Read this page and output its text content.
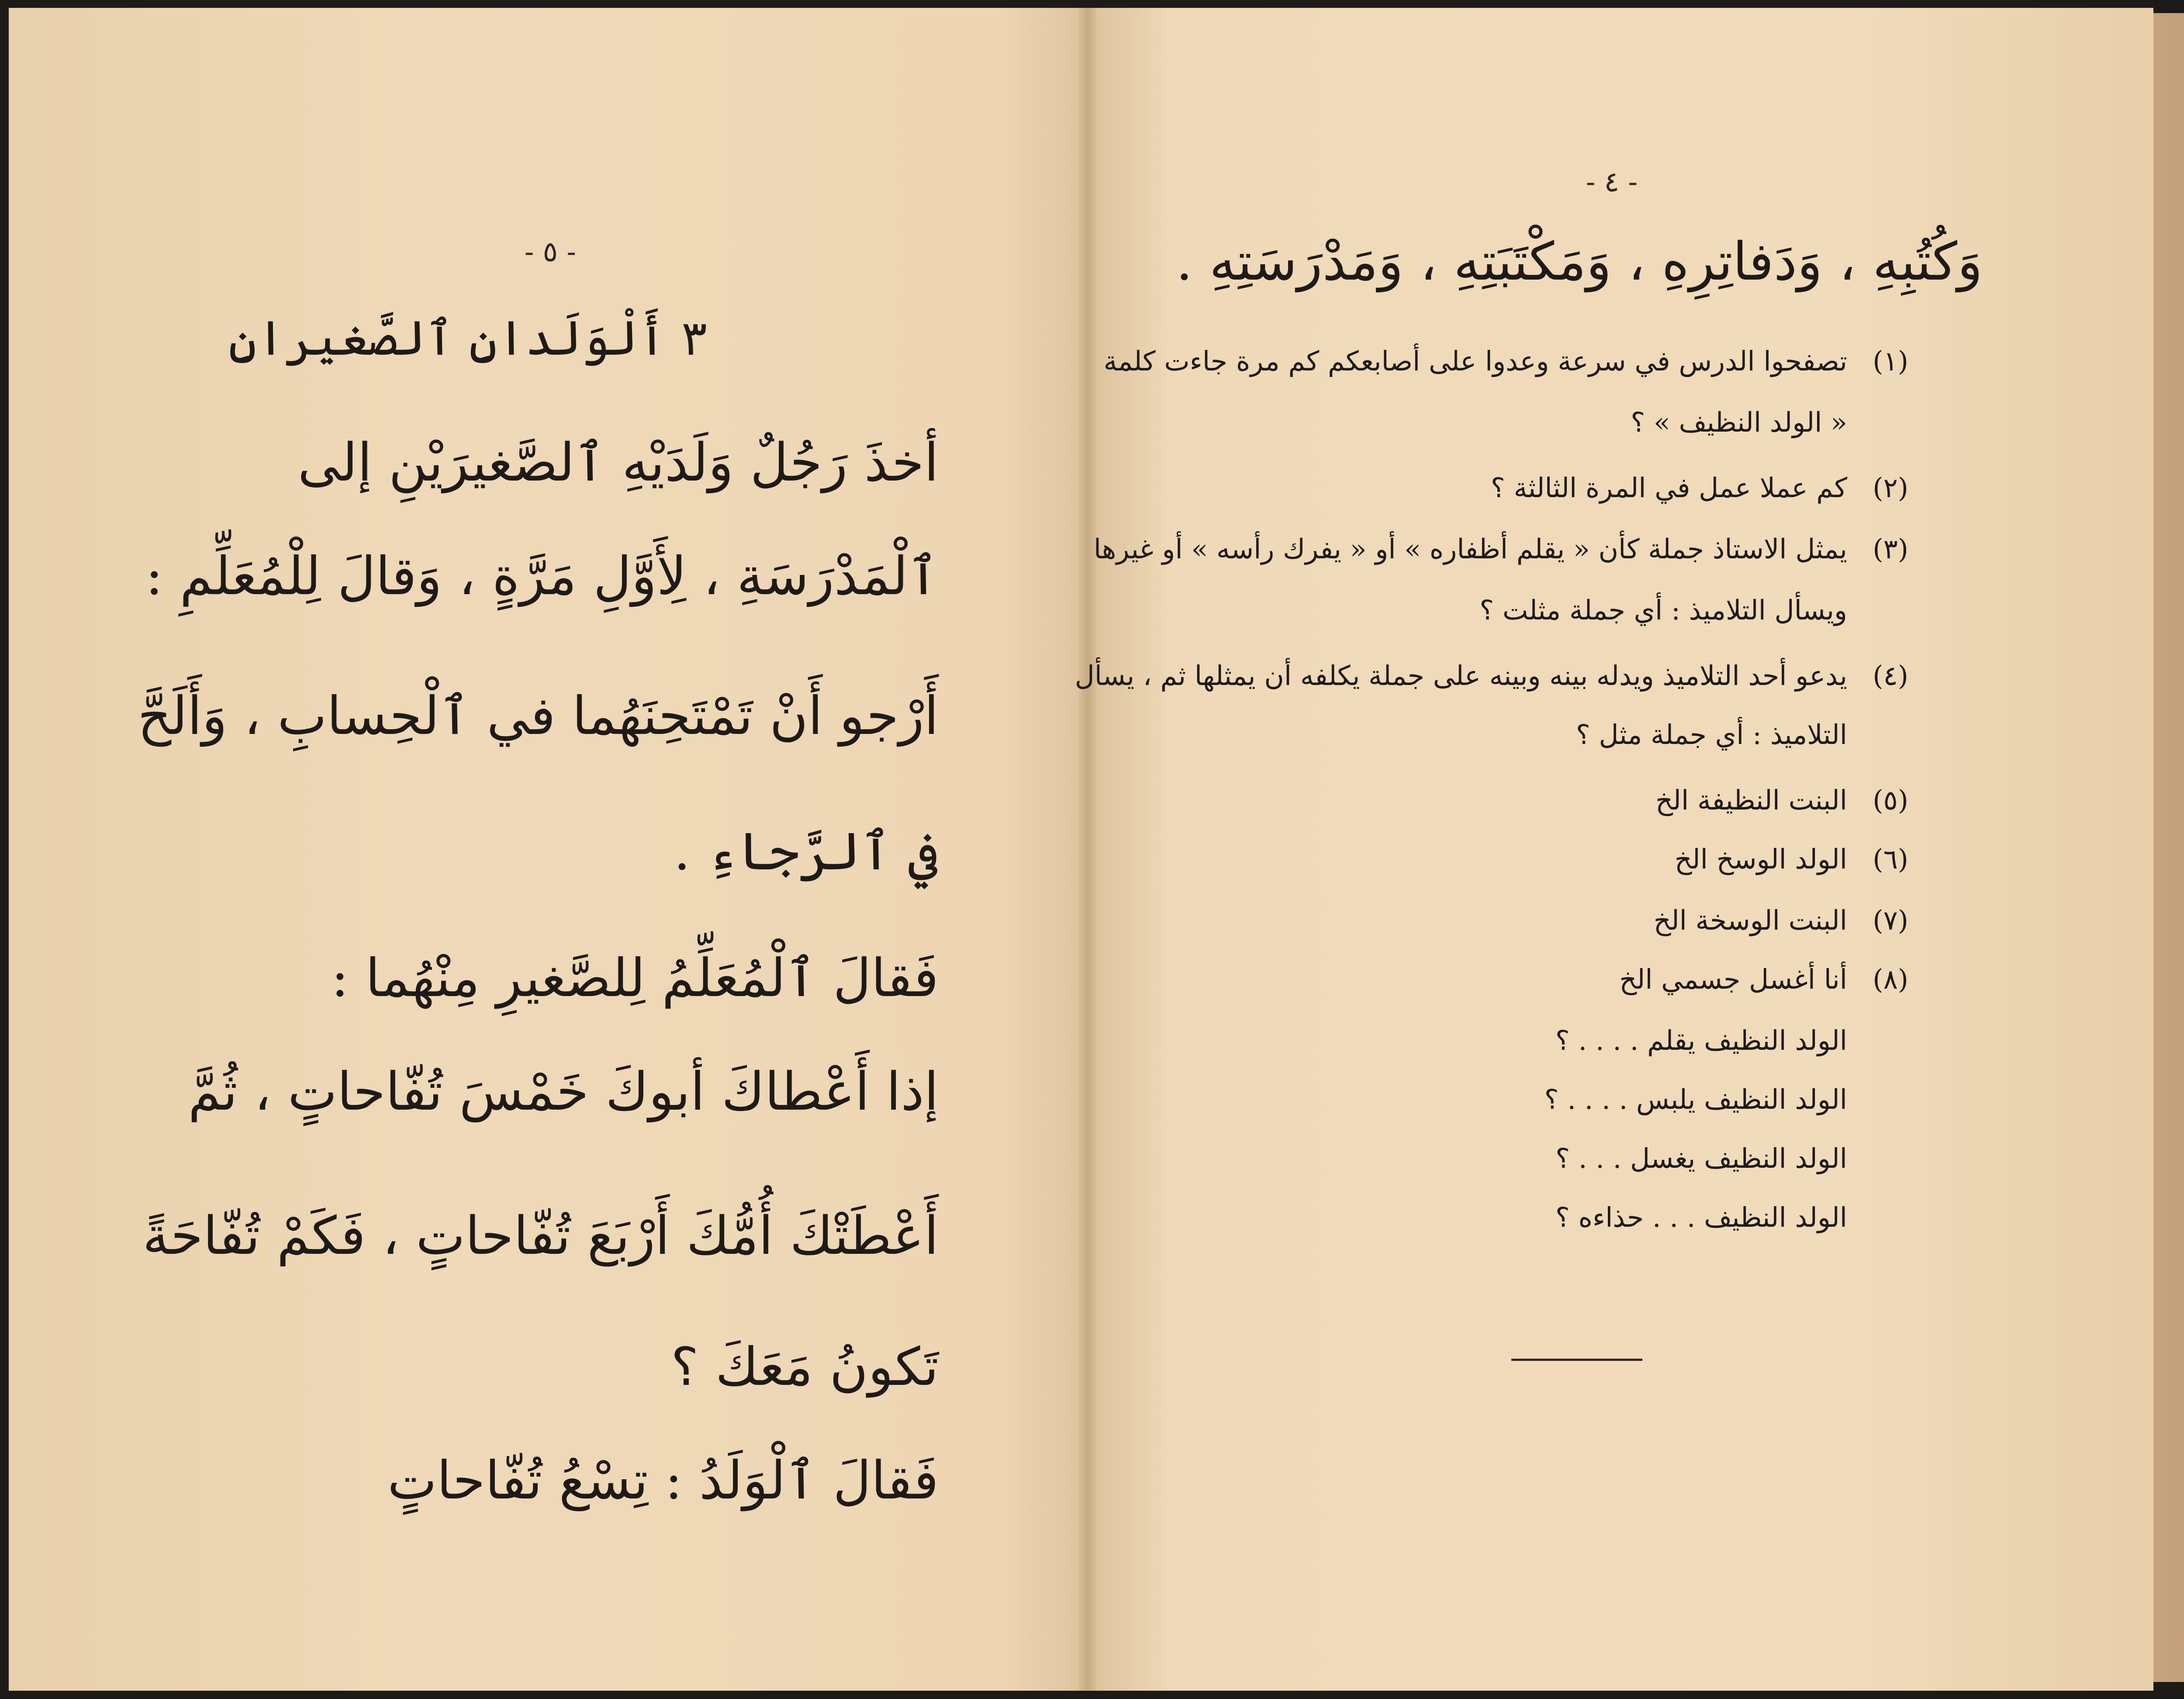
- ٥ -
٣ أَلْوَلَدانِ ٱلصَّغيرانِ
أخذَ رَجُلٌ وَلَدَيْهِ ٱلصَّغيرَيْنِ إلى
ٱلْمَدْرَسَةِ ، لِأَوَّلِ مَرَّةٍ ، وَقالَ لِلْمُعَلِّمِ :
أَرْجو أَنْ تَمْتَحِنَهُما في ٱلْحِسابِ ، وَأَلَحَّ
في ٱلرَّجاءِ .
فَقالَ ٱلْمُعَلِّمُ لِلصَّغيرِ مِنْهُما :
إذا أَعْطاكَ أبوكَ خَمْسَ تُفّاحاتٍ ، ثُمَّ
أَعْطَتْكَ أُمُّكَ أَرْبَعَ تُفّاحاتٍ ، فَكَمْ تُفّاحَةً
تَكونُ مَعَكَ ؟
فَقالَ ٱلْوَلَدُ : تِسْعُ تُفّاحاتٍ
- ٤ -
وَكُتُبِهِ ، وَدَفاتِرِهِ ، وَمَكْتَبَتِهِ ، وَمَدْرَسَتِهِ .
(١)
تصفحوا الدرس في سرعة وعدوا على أصابعكم كم مرة جاءت كلمة
« الولد النظيف » ؟
(٢)
كم عملا عمل في المرة الثالثة ؟
(٣)
يمثل الاستاذ جملة كأن « يقلم أظفاره » أو « يفرك رأسه » أو غيرها
ويسأل التلاميذ : أي جملة مثلت ؟
(٤)
يدعو أحد التلاميذ ويدله بينه وبينه على جملة يكلفه أن يمثلها ثم ، يسأل
التلاميذ : أي جملة مثل ؟
(٥)
البنت النظيفة الخ
(٦)
الولد الوسخ الخ
(٧)
البنت الوسخة الخ
(٨)
أنا أغسل جسمي الخ
الولد النظيف يقلم . . . . ؟
الولد النظيف يلبس . . . . ؟
الولد النظيف يغسل . . . ؟
الولد النظيف . . . حذاءه ؟
